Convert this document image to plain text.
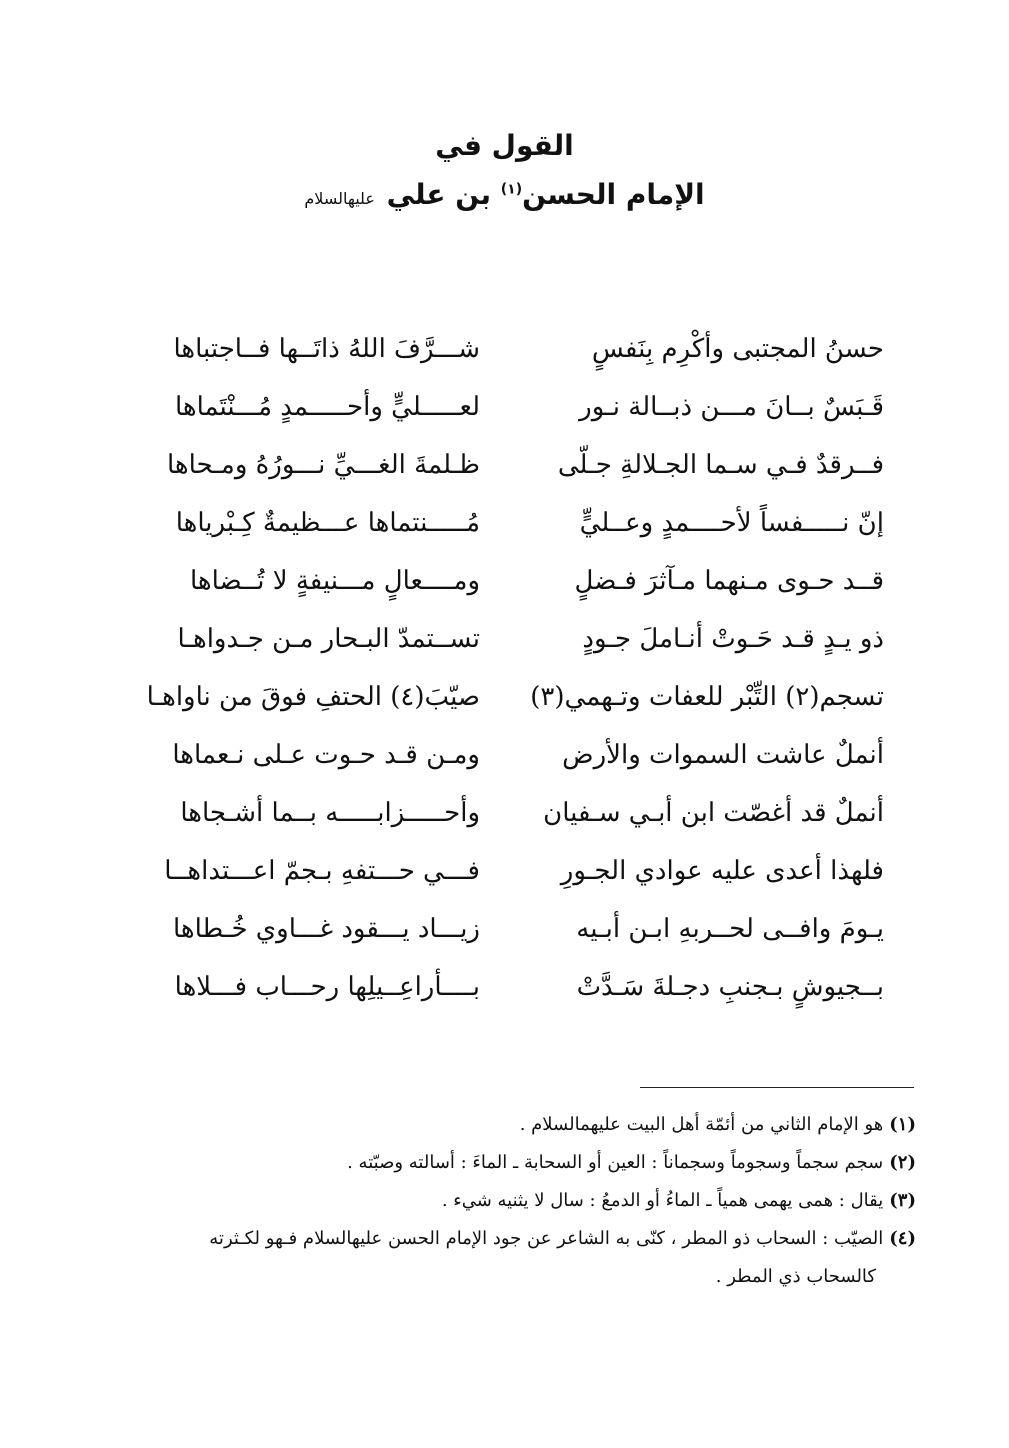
القول في
الإمام الحسن$^{(١)}$ بن علي عليهالسلام
حسنُ المجتبى وأكْرِم بِنَفسٍ
شـــرَّفَ اللهُ ذاتَــها فــاجتباها
قَـبَسٌ بــانَ مـــن ذبــالة نـور
لعـــــليٍّ وأحـــــمدٍ مُـــنْتَماها
فــرقدٌ فـي سـما الجـلالةِ جـلّى
ظـلمةَ الغـــيِّ نـــورُهُ ومـحاها
إنّ نـــــفساً لأحــــمدٍ وعــليٍّ
مُـــــنتماها عـــظيمةٌ كِـبْرياها
قــد حـوى مـنهما مـآثرَ فـضلٍ
ومــــعالٍ مـــنيفةٍ لا تُــضاها
ذو يـدٍ قـد حَـوتْ أنـاملَ جـودٍ
تســتمدّ البـحار مـن جـدواهـا
تسجم(٢) التِّبْر للعفات وتـهمي(٣)
صيّبَ(٤) الحتفِ فوقَ من ناواهـا
أنملٌ عاشت السموات والأرض
ومـن قـد حـوت عـلى نـعماها
أنملٌ قد أغصّت ابن أبـي سـفيان
وأحـــــزابـــــه بــما أشـجاها
فلهذا أعدى عليه عوادي الجـورِ
فـــي حـــتفهِ بـجمّ اعـــتداهــا
يـومَ وافــى لحــربهِ ابـن أبـيه
زيـــاد يـــقود غـــاوي خُـطاها
بــجيوشٍ بـجنبِ دجـلةَ سَـدَّتْ
بــــأراعِــيلِها رحـــاب فـــلاها
(١)هو الإمام الثاني من أئمّة أهل البيت عليهمالسلام .
(٢)سجم سجماً وسجوماً وسجماناً : العين أو السحابة ـ الماءَ : أسالته وصبّته .
(٣)يقال : همى يهمى همياً ـ الماءُ أو الدمعُ : سال لا يثنيه شيء .
(٤)الصيّب : السحاب ذو المطر ، كنّى به الشاعر عن جود الإمام الحسن عليهالسلام فـهو لكـثرته
كالسحاب ذي المطر .
